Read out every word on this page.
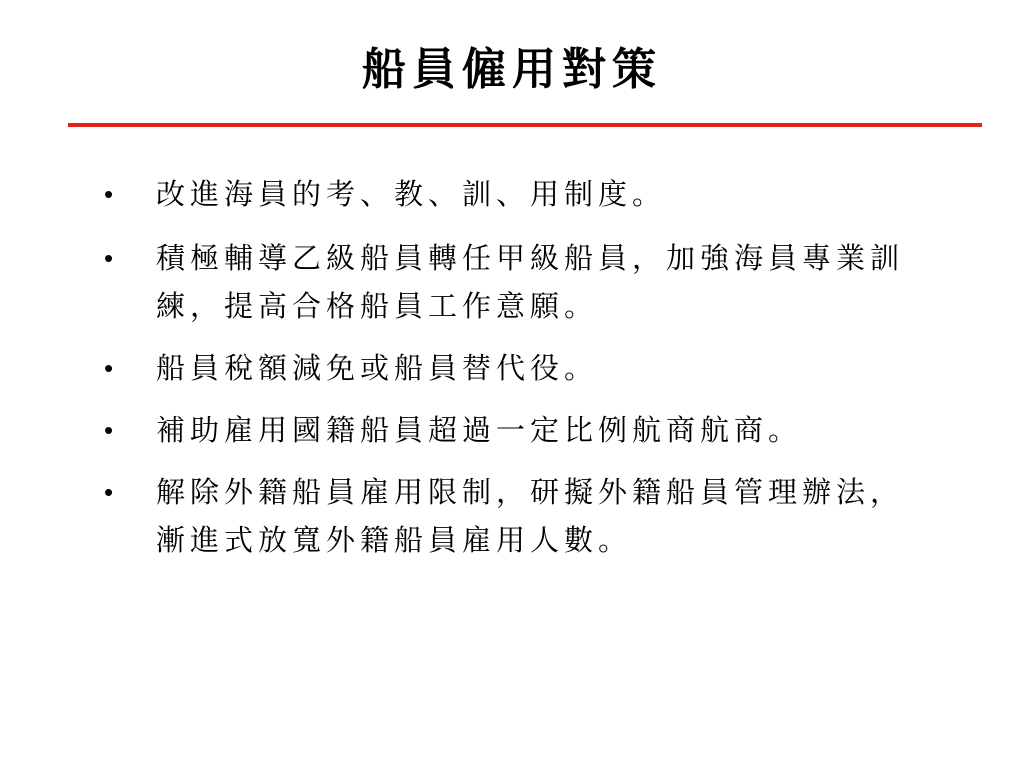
船員僱用對策
•	改進海員的考、教、訓、用制度。
•	積極輔導乙級船員轉任甲級船員，加強海員專業訓練，提高合格船員工作意願。
•	船員稅額減免或船員替代役。
•	補助雇用國籍船員超過一定比例航商航商。
•	解除外籍船員雇用限制，研擬外籍船員管理辦法，漸進式放寬外籍船員雇用人數。
